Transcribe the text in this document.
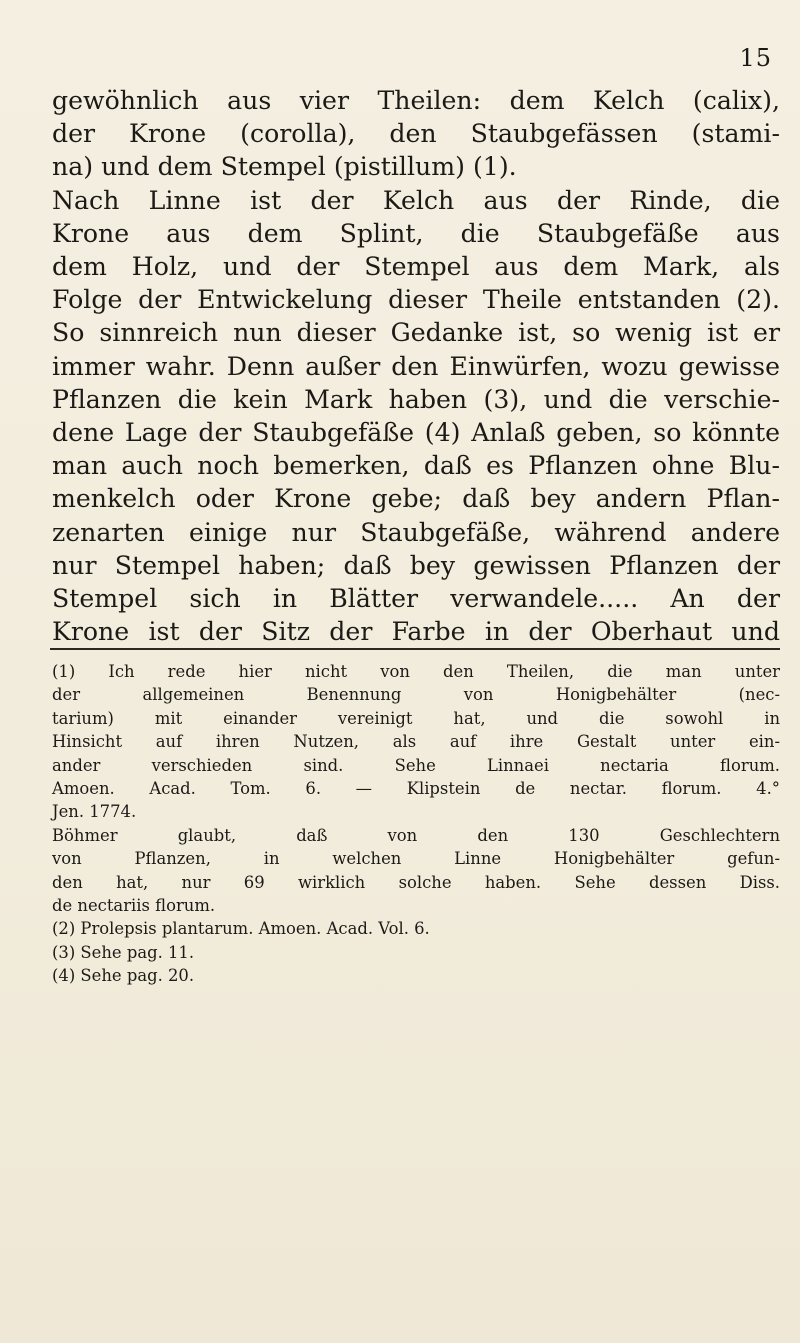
15
gewöhnlich aus vier Theilen: dem Kelch (calix),
der Krone (corolla), den Staubgefässen (stami-
na) und dem Stempel (pistillum) (1).
Nach Linne ist der Kelch aus der Rinde, die
Krone aus dem Splint, die Staubgefäße aus
dem Holz, und der Stempel aus dem Mark, als
Folge der Entwickelung dieser Theile entstanden (2).
So sinnreich nun dieser Gedanke ist, so wenig ist er
immer wahr. Denn außer den Einwürfen, wozu gewisse
Pflanzen die kein Mark haben (3), und die verschie-
dene Lage der Staubgefäße (4) Anlaß geben, so könnte
man auch noch bemerken, daß es Pflanzen ohne Blu-
menkelch oder Krone gebe; daß bey andern Pflan-
zenarten einige nur Staubgefäße, während andere
nur Stempel haben; daß bey gewissen Pflanzen der
Stempel sich in Blätter verwandele..... An der
Krone ist der Sitz der Farbe in der Oberhaut und
(1) Ich rede hier nicht von den Theilen, die man unter
der allgemeinen Benennung von Honigbehälter (nec-
tarium) mit einander vereinigt hat, und die sowohl in
Hinsicht auf ihren Nutzen, als auf ihre Gestalt unter ein-
ander verschieden sind. Sehe Linnaei nectaria florum.
Amoen. Acad. Tom. 6. — Klipstein de nectar. florum. 4.°
Jen. 1774.
Böhmer glaubt, daß von den 130 Geschlechtern
von Pflanzen, in welchen Linne Honigbehälter gefun-
den hat, nur 69 wirklich solche haben. Sehe dessen Diss.
de nectariis florum.
(2) Prolepsis plantarum. Amoen. Acad. Vol. 6.
(3) Sehe pag. 11.
(4) Sehe pag. 20.
